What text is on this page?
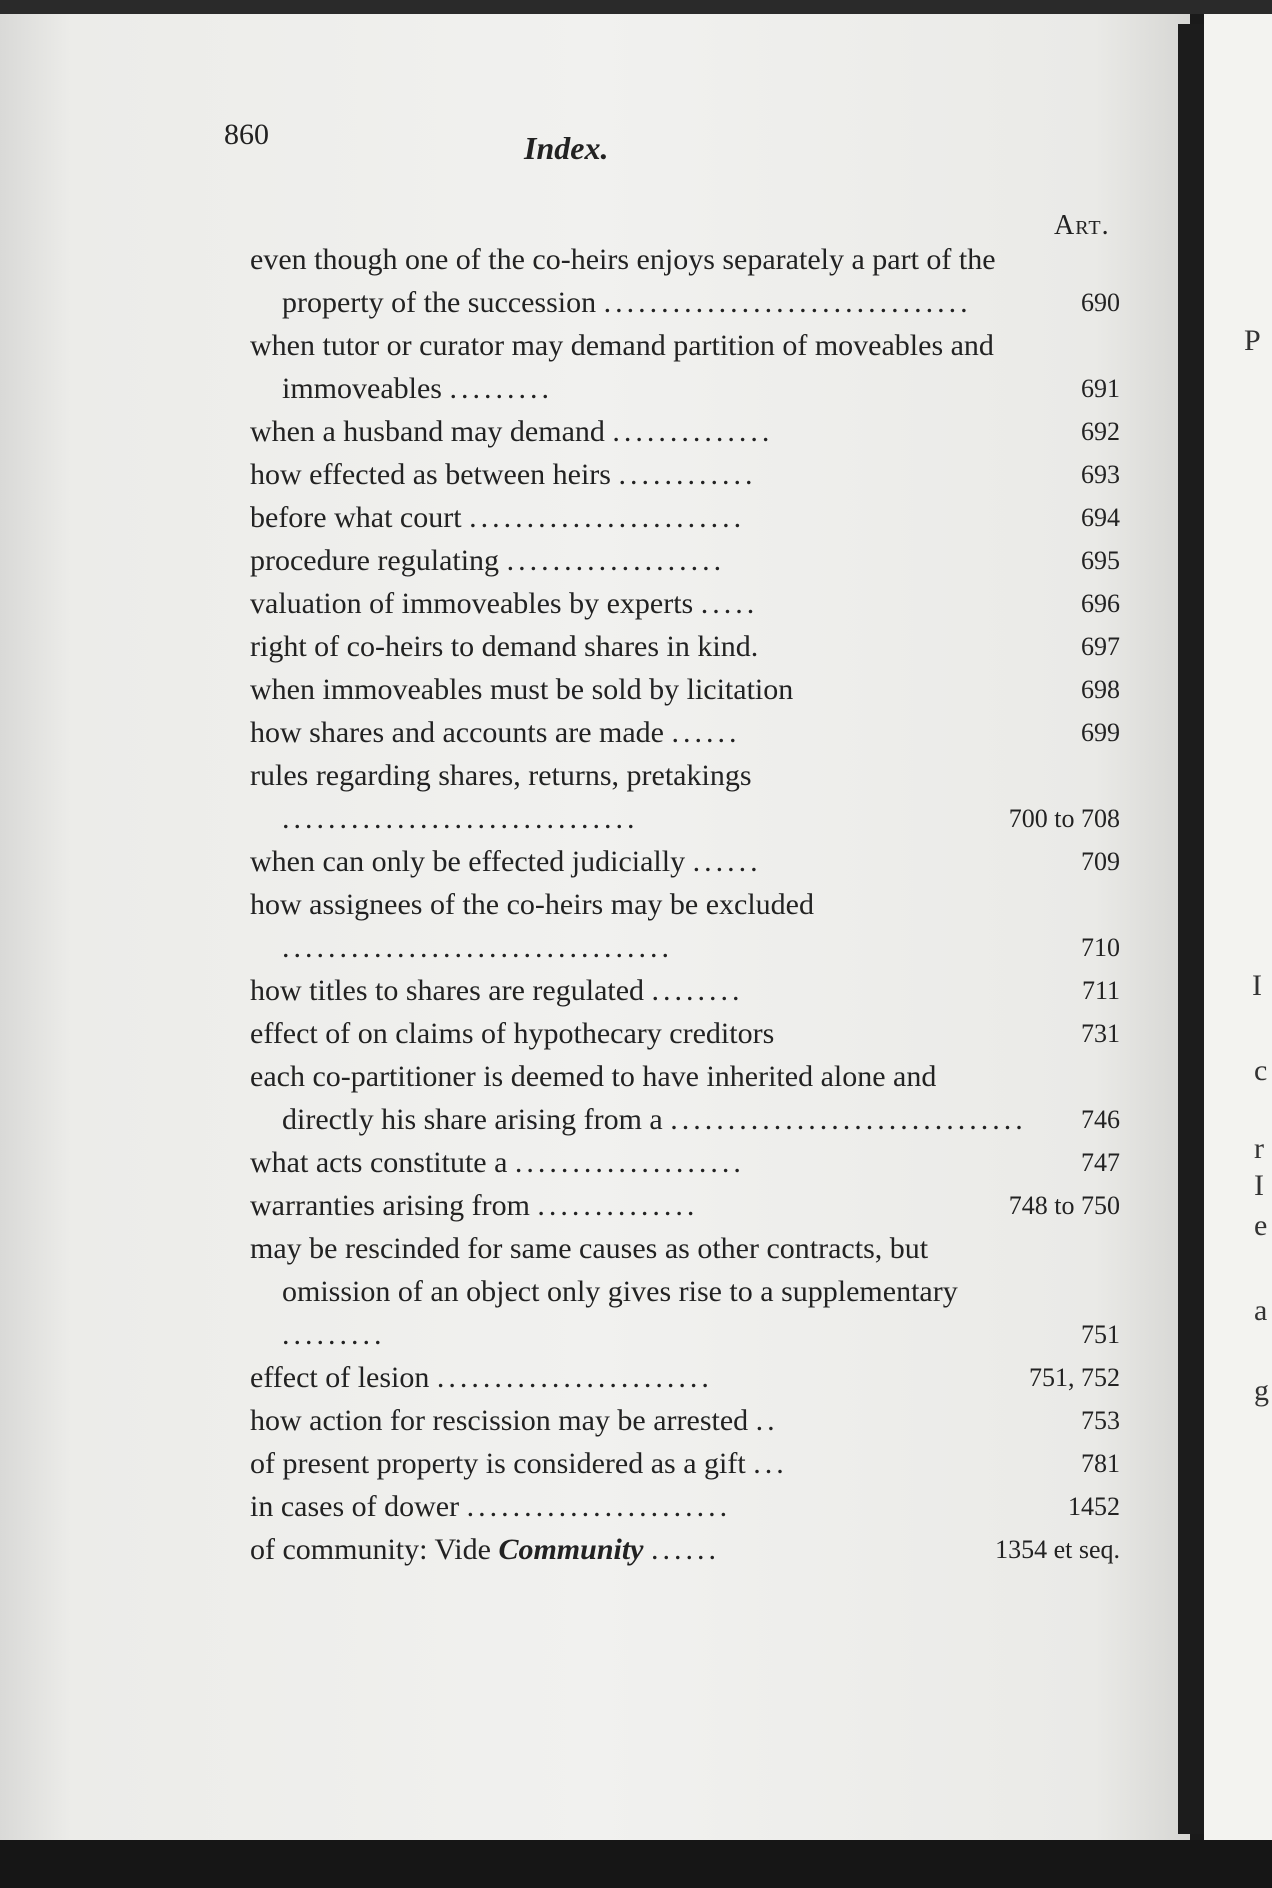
P
I
c
r
I
e
a
g
860	Index.
Art.
even though one of the co-heirs enjoys separately a part of the property of the succession ................................	690
when tutor or curator may demand partition of moveables and immoveables .........	691
when a husband may demand ..............	692
how effected as between heirs ............	693
before what court ........................	694
procedure regulating ...................	695
valuation of immoveables by experts .....	696
right of co-heirs to demand shares in kind.	697
when immoveables must be sold by licitation	698
how shares and accounts are made ......	699
rules regarding shares, returns, pretakings ...............................	700 to 708
when can only be effected judicially ......	709
how assignees of the co-heirs may be excluded ..................................	710
how titles to shares are regulated ........	711
effect of on claims of hypothecary creditors	731
each co-partitioner is deemed to have inherited alone and directly his share arising from a ...............................	746
what acts constitute a ....................	747
warranties arising from ..............	748 to 750
may be rescinded for same causes as other contracts, but omission of an object only gives rise to a supplementary .........	751
effect of lesion ........................	751, 752
how action for rescission may be arrested ..	753
of present property is considered as a gift ...	781
in cases of dower .......................	1452
of community: Vide Community ......	1354 et seq.
